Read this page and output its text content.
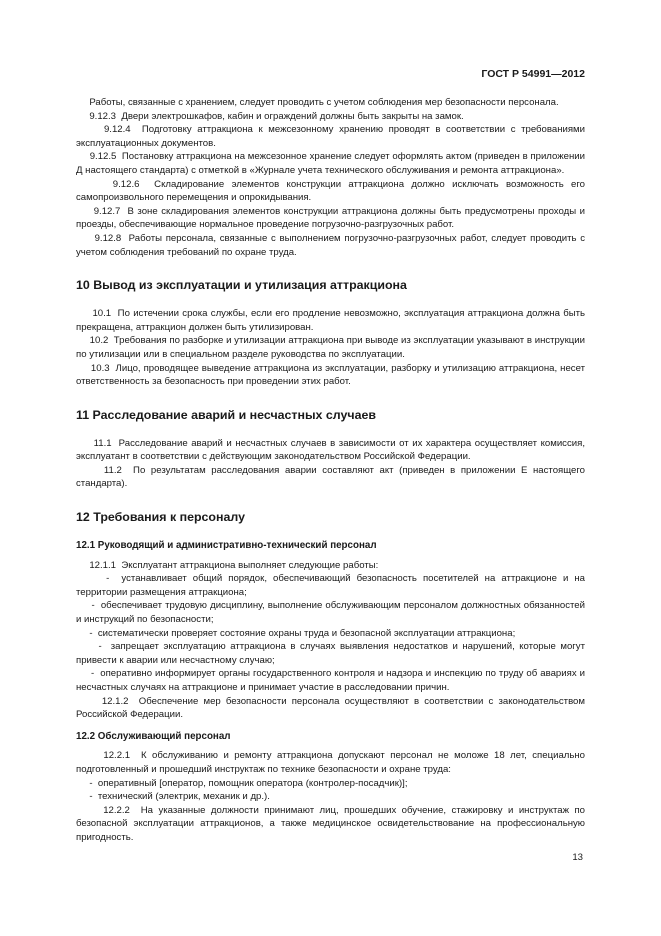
ГОСТ Р 54991—2012

Работы, связанные с хранением, следует проводить с учетом соблюдения мер безопасности персонала.

9.12.3  Двери электрошкафов, кабин и ограждений должны быть закрыты на замок.

9.12.4  Подготовку аттракциона к межсезонному хранению проводят в соответствии с требованиями эксплуатационных документов.

9.12.5  Постановку аттракциона на межсезонное хранение следует оформлять актом (приведен в приложении Д настоящего стандарта) с отметкой в «Журнале учета технического обслуживания и ремонта аттракциона».

9.12.6  Складирование элементов конструкции аттракциона должно исключать возможность его самопроизвольного перемещения и опрокидывания.

9.12.7  В зоне складирования элементов конструкции аттракциона должны быть предусмотрены проходы и проезды, обеспечивающие нормальное проведение погрузочно-разгрузочных работ.

9.12.8  Работы персонала, связанные с выполнением погрузочно-разгрузочных работ, следует проводить с учетом соблюдения требований по охране труда.

10 Вывод из эксплуатации и утилизация аттракциона

10.1  По истечении срока службы, если его продление невозможно, эксплуатация аттракциона должна быть прекращена, аттракцион должен быть утилизирован.

10.2  Требования по разборке и утилизации аттракциона при выводе из эксплуатации указывают в инструкции по утилизации или в специальном разделе руководства по эксплуатации.

10.3  Лицо, проводящее выведение аттракциона из эксплуатации, разборку и утилизацию аттракциона, несет ответственность за безопасность при проведении этих работ.

11 Расследование аварий и несчастных случаев

11.1  Расследование аварий и несчастных случаев в зависимости от их характера осуществляет комиссия, эксплуатант в соответствии с действующим законодательством Российской Федерации.

11.2  По результатам расследования аварии составляют акт (приведен в приложении Е настоящего стандарта).

12 Требования к персоналу

12.1 Руководящий и административно-технический персонал

12.1.1  Эксплуатант аттракциона выполняет следующие работы:

-  устанавливает общий порядок, обеспечивающий безопасность посетителей на аттракционе и на территории размещения аттракциона;

-  обеспечивает трудовую дисциплину, выполнение обслуживающим персоналом должностных обязанностей и инструкций по безопасности;

-  систематически проверяет состояние охраны труда и безопасной эксплуатации аттракциона;

-  запрещает эксплуатацию аттракциона в случаях выявления недостатков и нарушений, которые могут привести к аварии или несчастному случаю;

-  оперативно информирует органы государственного контроля и надзора и инспекцию по труду об авариях и несчастных случаях на аттракционе и принимает участие в расследовании причин.

12.1.2  Обеспечение мер безопасности персонала осуществляют в соответствии с законодательством Российской Федерации.

12.2 Обслуживающий персонал

12.2.1  К обслуживанию и ремонту аттракциона допускают персонал не моложе 18 лет, специально подготовленный и прошедший инструктаж по технике безопасности и охране труда:

-  оперативный [оператор, помощник оператора (контролер-посадчик)];

-  технический (электрик, механик и др.).

12.2.2  На указанные должности принимают лиц, прошедших обучение, стажировку и инструктаж по безопасной эксплуатации аттракционов, а также медицинское освидетельствование на профессиональную пригодность.

13
